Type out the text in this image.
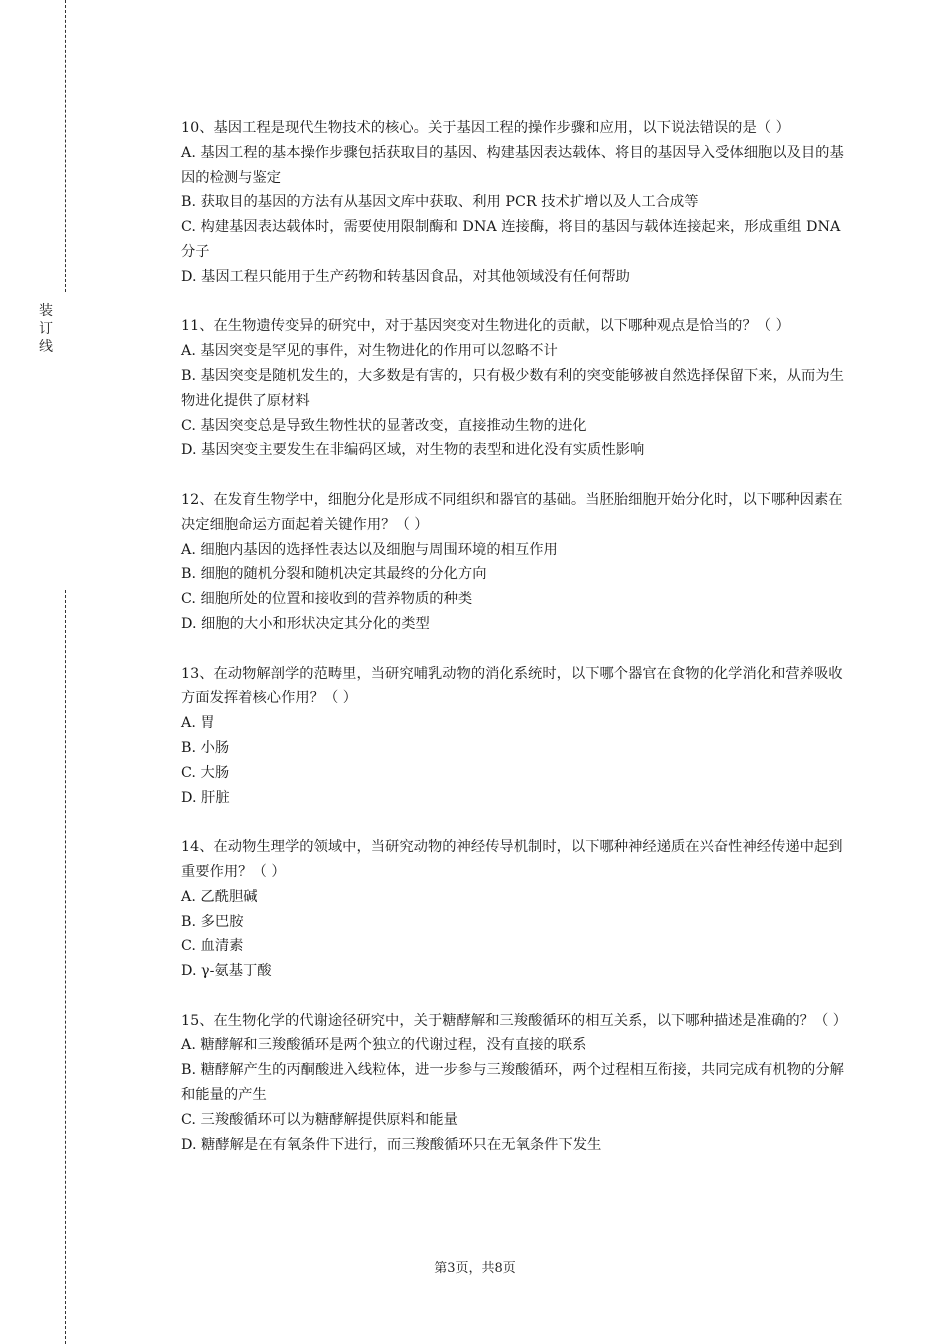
装
订
线

10、基因工程是现代生物技术的核心。关于基因工程的操作步骤和应用，以下说法错误的是（ ）

A. 基因工程的基本操作步骤包括获取目的基因、构建基因表达载体、将目的基因导入受体细胞以及目的基因的检测与鉴定

B. 获取目的基因的方法有从基因文库中获取、利用 PCR 技术扩增以及人工合成等

C. 构建基因表达载体时，需要使用限制酶和 DNA 连接酶，将目的基因与载体连接起来，形成重组 DNA 分子

D. 基因工程只能用于生产药物和转基因食品，对其他领域没有任何帮助

11、在生物遗传变异的研究中，对于基因突变对生物进化的贡献，以下哪种观点是恰当的？（ ）

A. 基因突变是罕见的事件，对生物进化的作用可以忽略不计

B. 基因突变是随机发生的，大多数是有害的，只有极少数有利的突变能够被自然选择保留下来，从而为生物进化提供了原材料

C. 基因突变总是导致生物性状的显著改变，直接推动生物的进化

D. 基因突变主要发生在非编码区域，对生物的表型和进化没有实质性影响

12、在发育生物学中，细胞分化是形成不同组织和器官的基础。当胚胎细胞开始分化时，以下哪种因素在决定细胞命运方面起着关键作用？（ ）

A. 细胞内基因的选择性表达以及细胞与周围环境的相互作用

B. 细胞的随机分裂和随机决定其最终的分化方向

C. 细胞所处的位置和接收到的营养物质的种类

D. 细胞的大小和形状决定其分化的类型

13、在动物解剖学的范畴里，当研究哺乳动物的消化系统时，以下哪个器官在食物的化学消化和营养吸收方面发挥着核心作用？（ ）

A. 胃

B. 小肠

C. 大肠

D. 肝脏

14、在动物生理学的领域中，当研究动物的神经传导机制时，以下哪种神经递质在兴奋性神经传递中起到重要作用？（ ）

A. 乙酰胆碱

B. 多巴胺

C. 血清素

D. γ-氨基丁酸

15、在生物化学的代谢途径研究中，关于糖酵解和三羧酸循环的相互关系，以下哪种描述是准确的？（ ）

A. 糖酵解和三羧酸循环是两个独立的代谢过程，没有直接的联系

B. 糖酵解产生的丙酮酸进入线粒体，进一步参与三羧酸循环，两个过程相互衔接，共同完成有机物的分解和能量的产生

C. 三羧酸循环可以为糖酵解提供原料和能量

D. 糖酵解是在有氧条件下进行，而三羧酸循环只在无氧条件下发生

第3页，共8页
